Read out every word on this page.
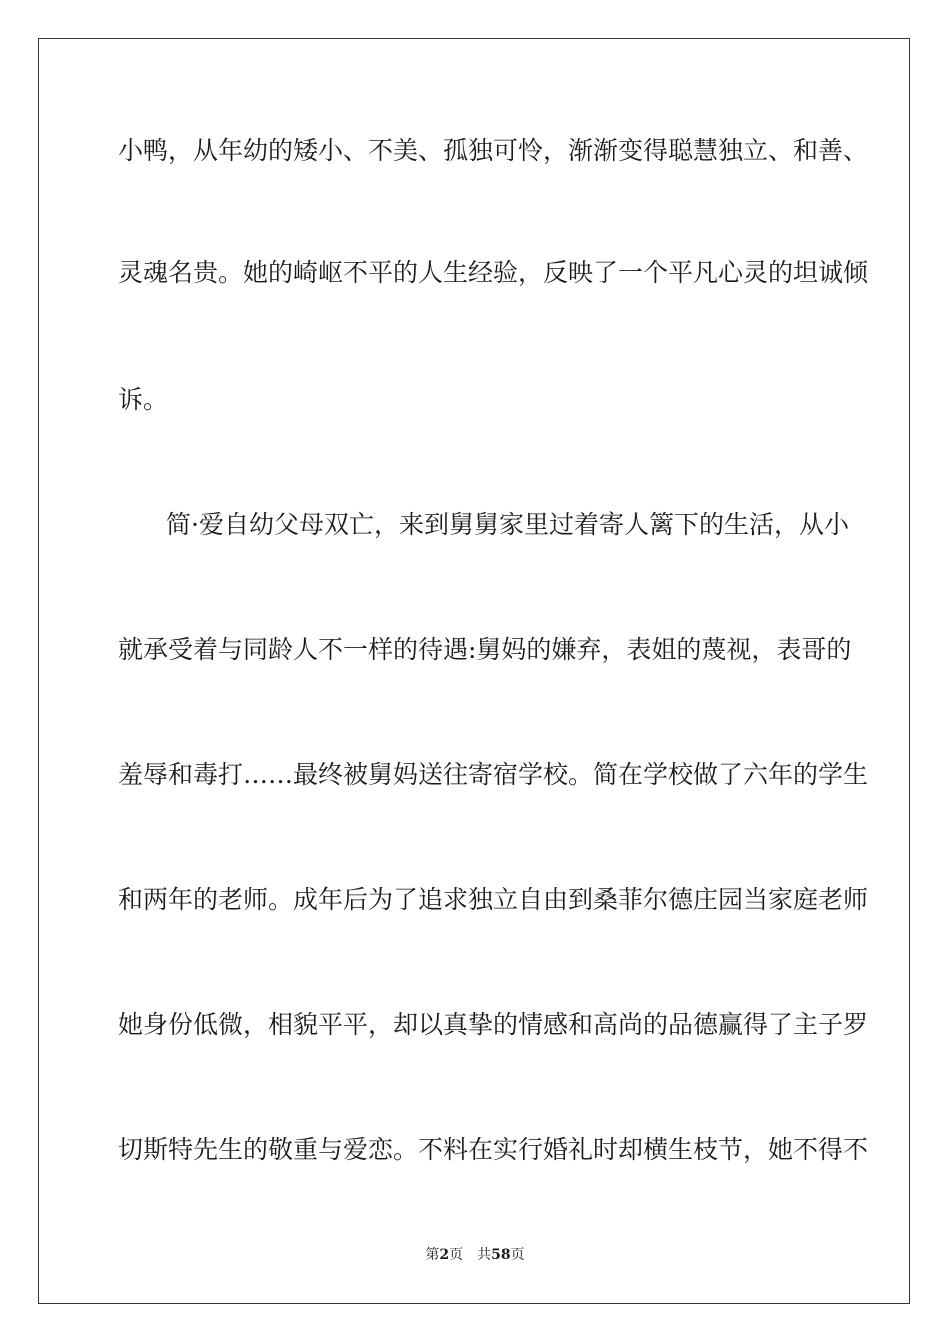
小鸭，从年幼的矮小、不美、孤独可怜，渐渐变得聪慧独立、和善、
灵魂名贵。她的崎岖不平的人生经验，反映了一个平凡心灵的坦诚倾
诉。
简·爱自幼父母双亡，来到舅舅家里过着寄人篱下的生活，从小
就承受着与同龄人不一样的待遇:舅妈的嫌弃，表姐的蔑视，表哥的
羞辱和毒打……最终被舅妈送往寄宿学校。简在学校做了六年的学生
和两年的老师。成年后为了追求独立自由到桑菲尔德庄园当家庭老师
她身份低微，相貌平平，却以真挚的情感和高尚的品德赢得了主子罗
切斯特先生的敬重与爱恋。不料在实行婚礼时却横生枝节，她不得不
第2页 共58页
